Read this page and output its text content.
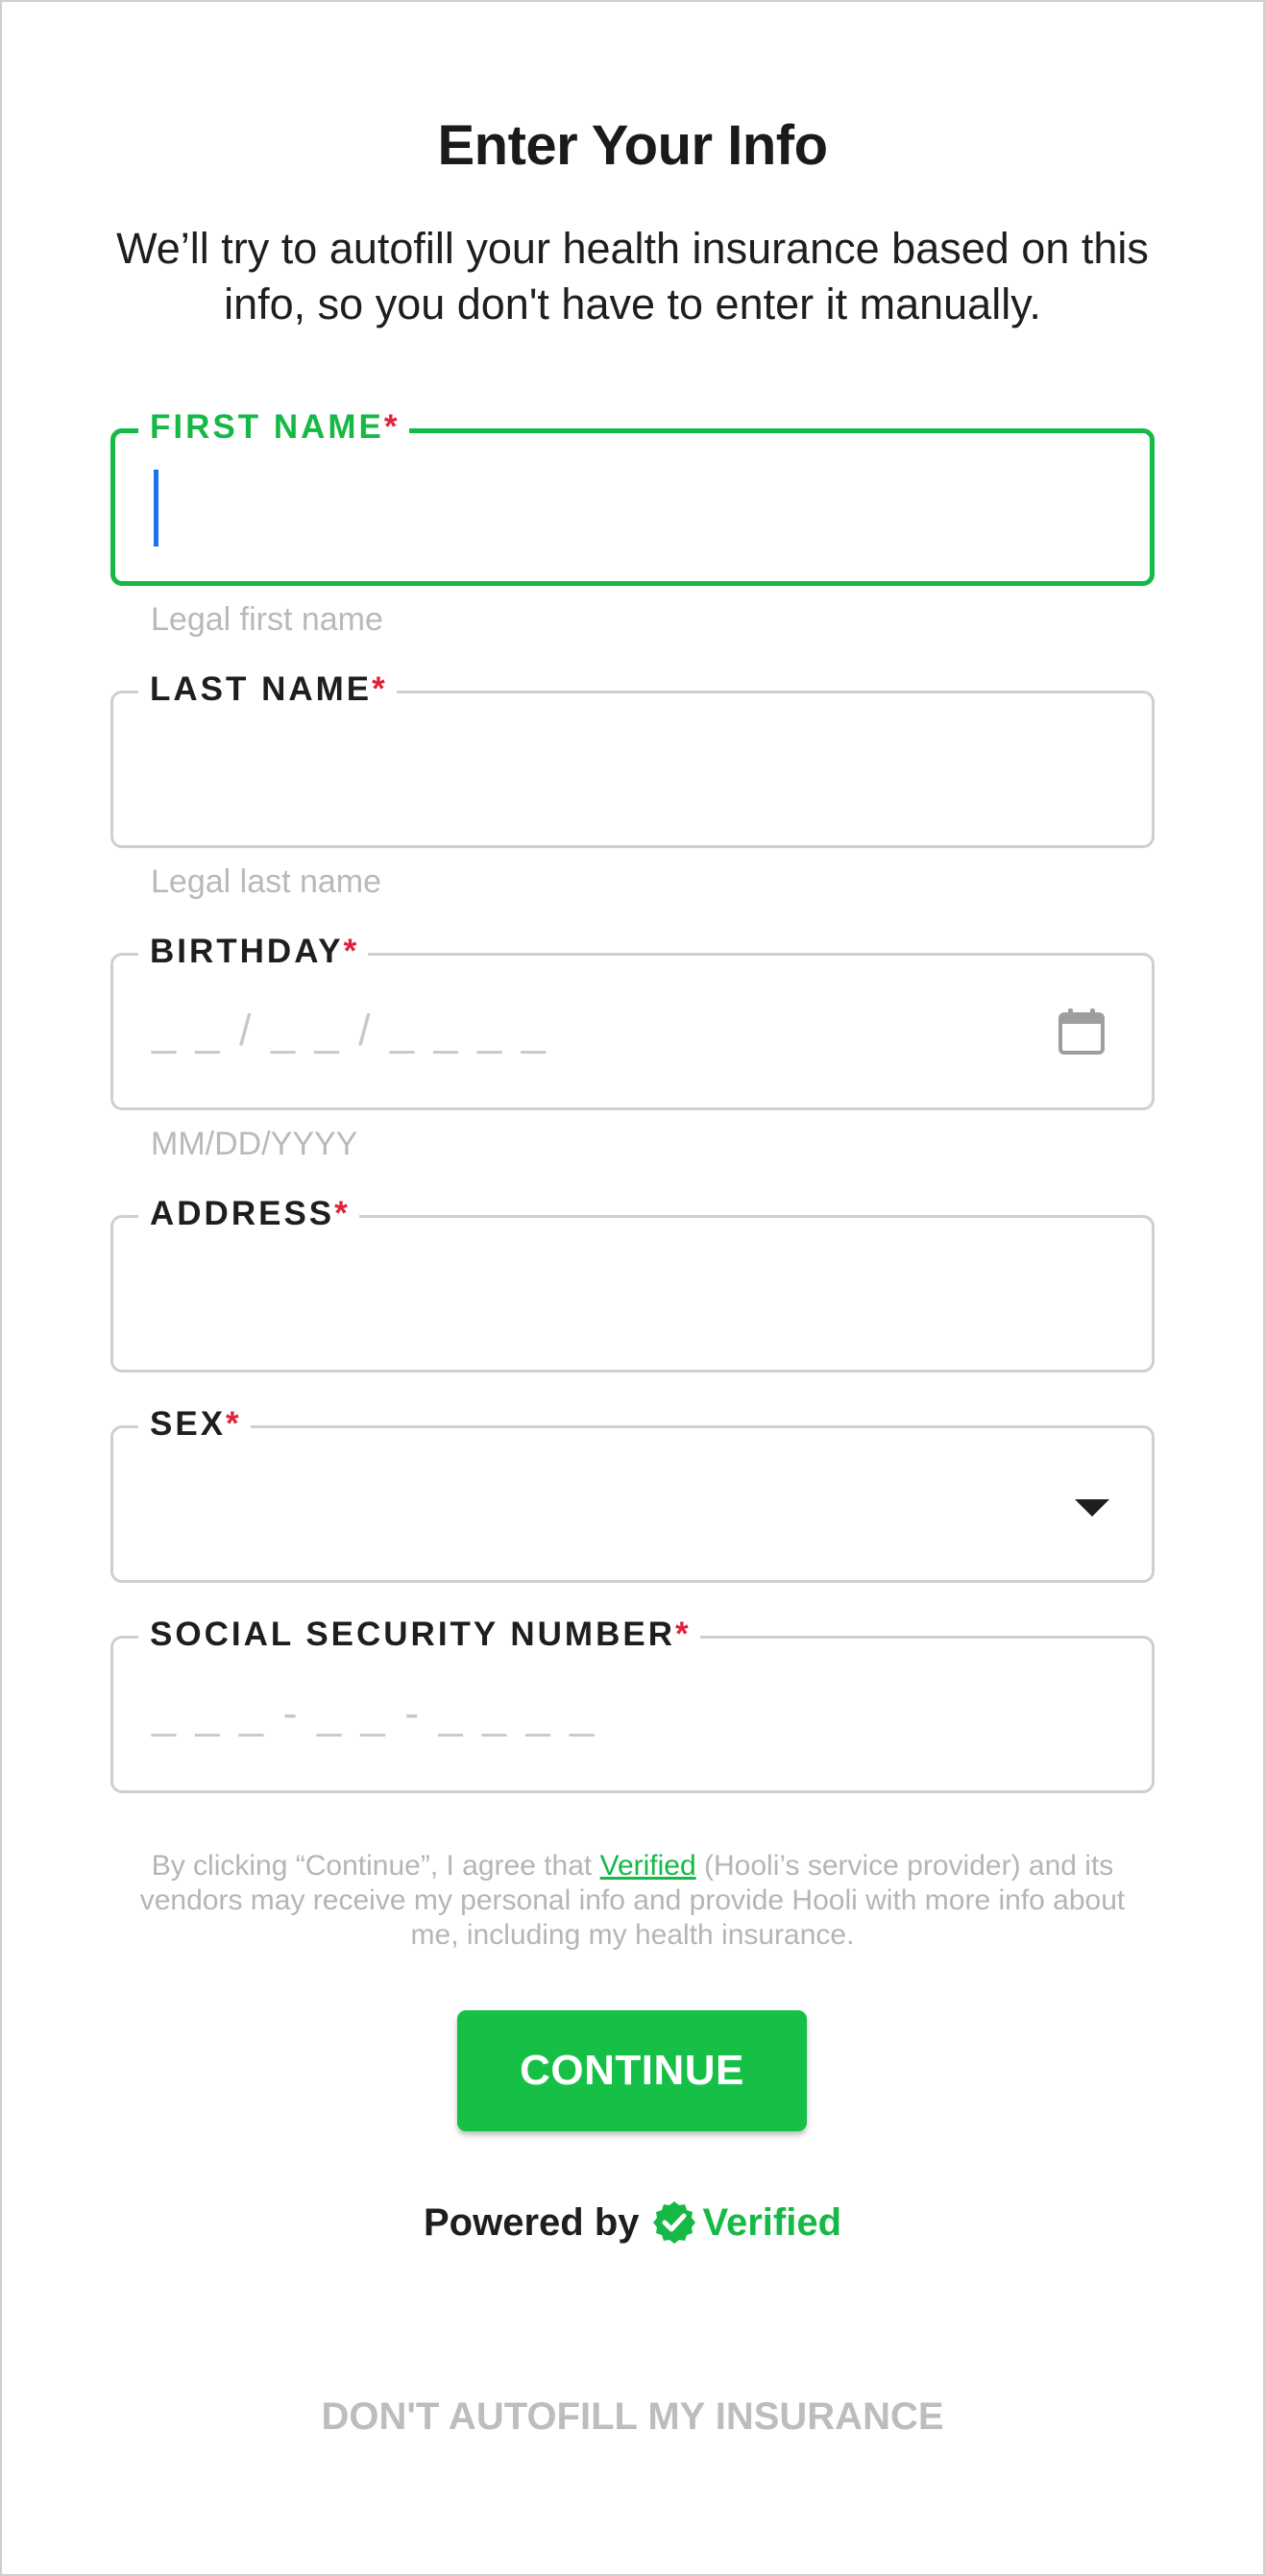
Enter Your Info
We’ll try to autofill your health insurance based on this info, so you don't have to enter it manually.
FIRST NAME*
Legal first name
LAST NAME*
Legal last name
BIRTHDAY*
_ _ / _ _ / _ _ _ _
MM/DD/YYYY
ADDRESS*
SEX*
SOCIAL SECURITY NUMBER*
_ _ _ - _ _ - _ _ _ _
By clicking “Continue”, I agree that Verified (Hooli’s service provider) and its vendors may receive my personal info and provide Hooli with more info about me, including my health insurance.
CONTINUE
Powered by Verified
DON'T AUTOFILL MY INSURANCE
